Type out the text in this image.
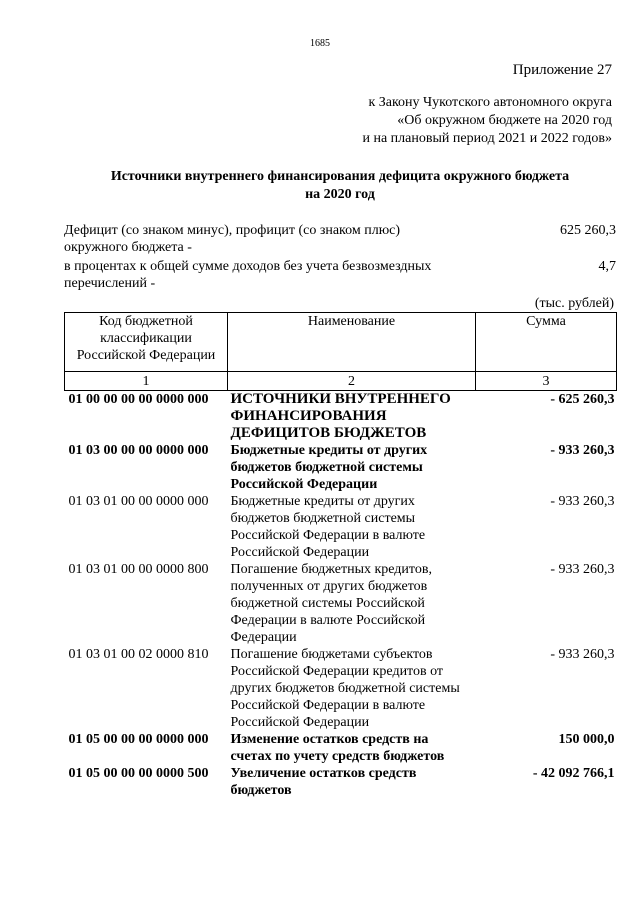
1685
Приложение 27
к Закону Чукотского автономного округа
«Об окружном бюджете на 2020 год
и на плановый период 2021 и 2022 годов»
Источники внутреннего финансирования дефицита окружного бюджета
на 2020 год
Дефицит (со знаком минус), профицит (со знаком плюс)
окружного бюджета -
625 260,3
в процентах к общей сумме доходов без учета безвозмездных
перечислений -
4,7
(тыс. рублей)
Код бюджетной классификации Российской Федерации	Наименование	Сумма
1	2	3
01 00 00 00 00 0000 000	ИСТОЧНИКИ ВНУТРЕННЕГО ФИНАНСИРОВАНИЯ ДЕФИЦИТОВ БЮДЖЕТОВ	- 625 260,3
01 03 00 00 00 0000 000	Бюджетные кредиты от других бюджетов бюджетной системы Российской Федерации	- 933 260,3
01 03 01 00 00 0000 000	Бюджетные кредиты от других бюджетов бюджетной системы Российской Федерации в валюте Российской Федерации	- 933 260,3
01 03 01 00 00 0000 800	Погашение бюджетных кредитов, полученных от других бюджетов бюджетной системы Российской Федерации в валюте Российской Федерации	- 933 260,3
01 03 01 00 02 0000 810	Погашение бюджетами субъектов Российской Федерации кредитов от других бюджетов бюджетной системы Российской Федерации в валюте Российской Федерации	- 933 260,3
01 05 00 00 00 0000 000	Изменение остатков средств на счетах по учету средств бюджетов	150 000,0
01 05 00 00 00 0000 500	Увеличение остатков средств бюджетов	- 42 092 766,1
